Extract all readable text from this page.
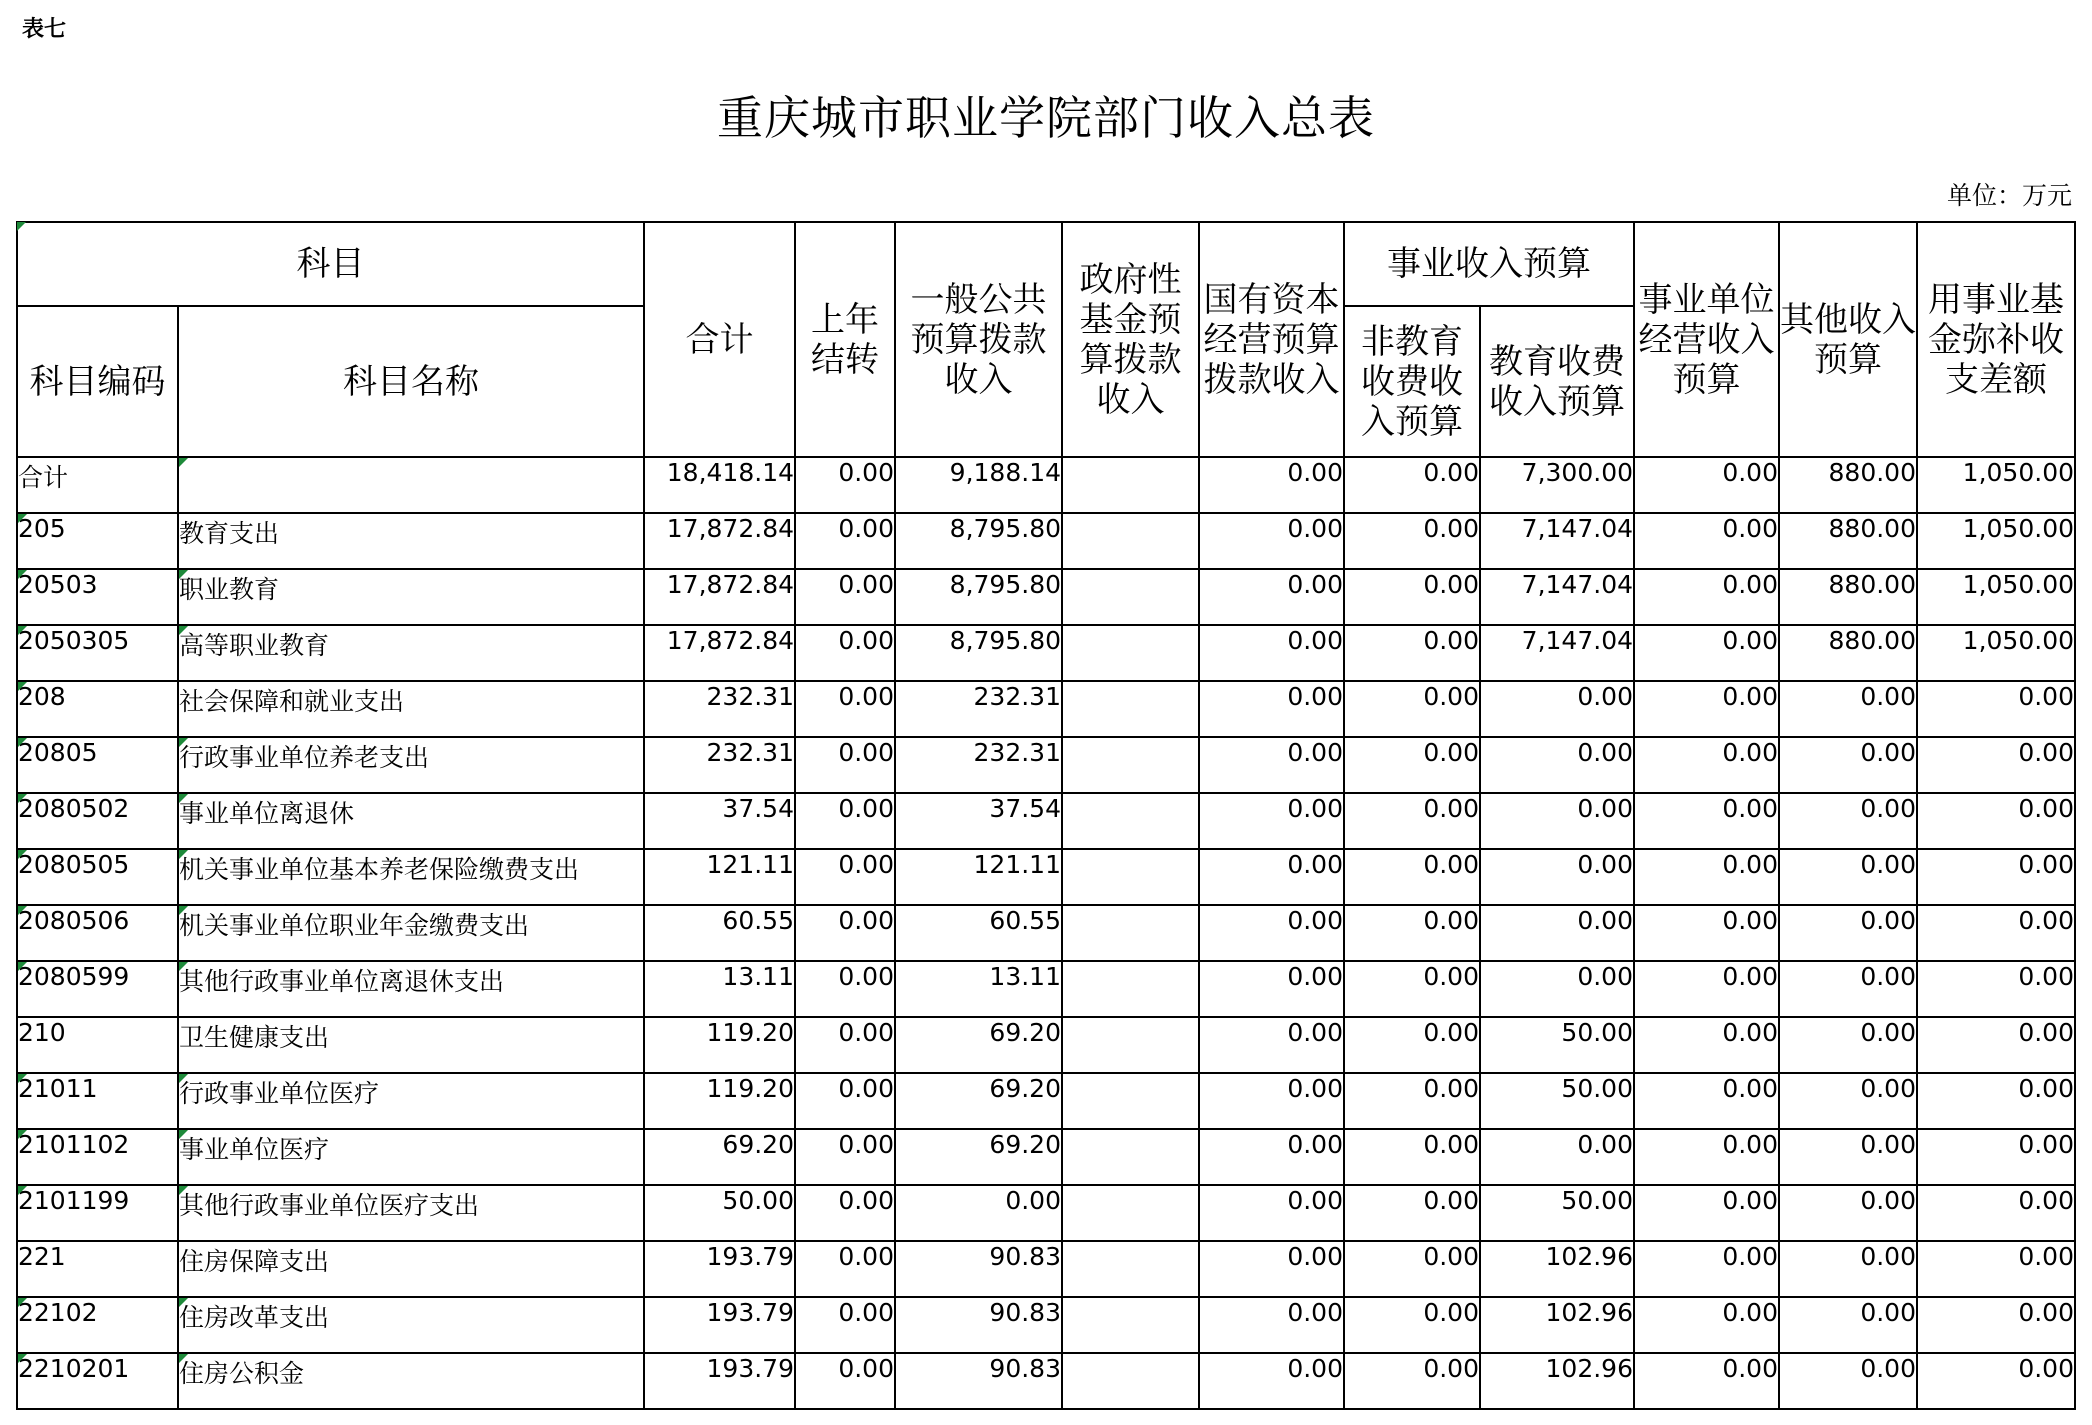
表七
重庆城市职业学院部门收入总表
单位：万元
科目		合计	上年结转	一般公共预算拨款收入	政府性基金预算拨款收入	国有资本经营预算拨款收入	事业收入预算		事业单位经营收入预算	其他收入预算	用事业基金弥补收支差额
科目编码	科目名称						非教育收费收入预算	教育收费收入预算			
合计		18,418.14	0.00	9,188.14		0.00	0.00	7,300.00	0.00	880.00	1,050.00

205	教育支出	17,872.84	0.00	8,795.80		0.00	0.00	7,147.04	0.00	880.00	1,050.00

20503	职业教育	17,872.84	0.00	8,795.80		0.00	0.00	7,147.04	0.00	880.00	1,050.00

2050305	高等职业教育	17,872.84	0.00	8,795.80		0.00	0.00	7,147.04	0.00	880.00	1,050.00

208	社会保障和就业支出	232.31	0.00	232.31		0.00	0.00	0.00	0.00	0.00	0.00

20805	行政事业单位养老支出	232.31	0.00	232.31		0.00	0.00	0.00	0.00	0.00	0.00

2080502	事业单位离退休	37.54	0.00	37.54		0.00	0.00	0.00	0.00	0.00	0.00

2080505	机关事业单位基本养老保险缴费支出	121.11	0.00	121.11		0.00	0.00	0.00	0.00	0.00	0.00

2080506	机关事业单位职业年金缴费支出	60.55	0.00	60.55		0.00	0.00	0.00	0.00	0.00	0.00

2080599	其他行政事业单位离退休支出	13.11	0.00	13.11		0.00	0.00	0.00	0.00	0.00	0.00
210	卫生健康支出	119.20	0.00	69.20		0.00	0.00	50.00	0.00	0.00	0.00

21011	行政事业单位医疗	119.20	0.00	69.20		0.00	0.00	50.00	0.00	0.00	0.00

2101102	事业单位医疗	69.20	0.00	69.20		0.00	0.00	0.00	0.00	0.00	0.00

2101199	其他行政事业单位医疗支出	50.00	0.00	0.00		0.00	0.00	50.00	0.00	0.00	0.00
221	住房保障支出	193.79	0.00	90.83		0.00	0.00	102.96	0.00	0.00	0.00

22102	住房改革支出	193.79	0.00	90.83		0.00	0.00	102.96	0.00	0.00	0.00

2210201	住房公积金	193.79	0.00	90.83		0.00	0.00	102.96	0.00	0.00	0.00
